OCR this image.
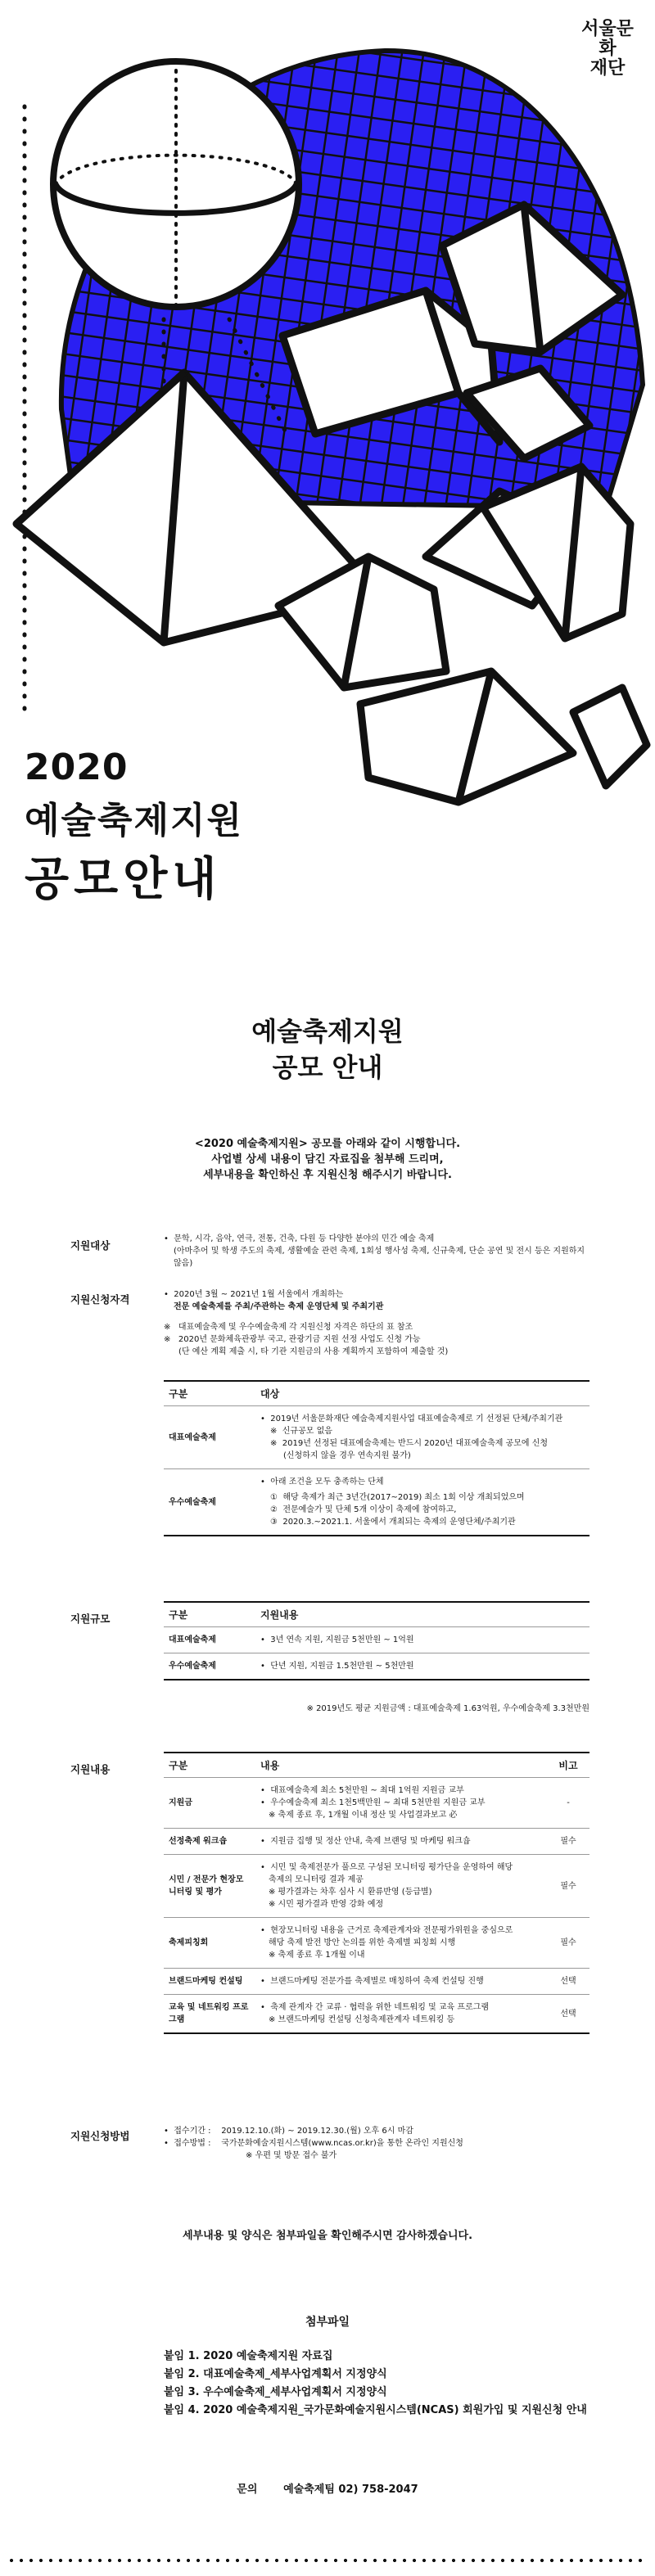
서울문화
재단
2020
예술축제지원
공모안내
예술축제지원
공모 안내
<2020 예술축제지원> 공모를 아래와 같이 시행합니다.
사업별 상세 내용이 담긴 자료집을 첨부해 드리며,
세부내용을 확인하신 후 지원신청 해주시기 바랍니다.
지원대상
•  문학, 시각, 음악, 연극, 전통, 건축, 다원 등 다양한 분야의 민간 예술 축제
(아마추어 및 학생 주도의 축제, 생활예술 관련 축제, 1회성 행사성 축제, 신규축제, 단순 공연 및 전시 등은 지원하지 않음)
지원신청자격	•  2020년 3월 ~ 2021년 1월 서울에서 개최하는
전문 예술축제를 주최/주관하는 축제 운영단체 및 주최기관
※   대표예술축제 및 우수예술축제 각 지원신청 자격은 하단의 표 참조
※   2020년 문화체육관광부 국고, 관광기금 지원 선정 사업도 신청 가능
(단 예산 계획 제출 시, 타 기관 지원금의 사용 계획까지 포함하여 제출할 것)
구분	대상
대표예술축제	•  2019년 서울문화재단 예술축제지원사업 대표예술축제로 기 선정된 단체/주최기관
※  신규공모 없음
※  2019년 선정된 대표예술축제는 반드시 2020년 대표예술축제 공모에 신청
(신청하지 않을 경우 연속지원 불가)

우수예술축제	•  아래 조건을 모두 충족하는 단체
①  해당 축제가 최근 3년간(2017~2019) 최소 1회 이상 개최되었으며
②  전문예술가 및 단체 5개 이상이 축제에 참여하고,
③  2020.3.~2021.1. 서울에서 개최되는 축제의 운영단체/주최기관
지원규모	구분	지원내용
대표예술축제	•  3년 연속 지원, 지원금 5천만원 ~ 1억원
우수예술축제	•  단년 지원, 지원금 1.5천만원 ~ 5천만원
※ 2019년도 평균 지원금액 : 대표예술축제 1.63억원, 우수예술축제 3.3천만원
지원내용	구분	내용	비고
지원금	•  대표예술축제 최소 5천만원 ~ 최대 1억원 지원금 교부
•  우수예술축제 최소 1천5백만원 ~ 최대 5천만원 지원금 교부
※ 축제 종료 후, 1개월 이내 정산 및 사업결과보고 必	-
선정축제 워크숍	•  지원금 집행 및 정산 안내, 축제 브랜딩 및 마케팅 워크숍	필수
시민 / 전문가 현장모니터링 및 평가	•  시민 및 축제전문가 풀으로 구성된 모니터링 평가단을 운영하여 해당
축제의 모니터링 결과 제공
※ 평가결과는 차후 심사 시 환류반영 (등급별)
※ 시민 평가결과 반영 강화 예정	필수
축제피칭회	•  현장모니터링 내용을 근거로 축제관계자와 전문평가위원을 중심으로
해당 축제 발전 방안 논의를 위한 축제별 피칭회 시행
※ 축제 종료 후 1개월 이내	필수
브랜드마케팅 컨설팅	•  브랜드마케팅 전문가를 축제별로 매칭하여 축제 컨설팅 진행	선택
교육 및 네트워킹 프로그램	•  축제 관계자 간 교류 · 협력을 위한 네트워킹 및 교육 프로그램
※ 브랜드마케팅 컨설팅 신청축제관계자 네트워킹 등	선택
지원신청방법	•  접수기간 : 2019.12.10.(화) ~ 2019.12.30.(월) 오후 6시 마감
•  접수방법 : 국가문화예술지원시스템(www.ncas.or.kr)을 통한 온라인 지원신청
※ 우편 및 방문 접수 불가
세부내용 및 양식은 첨부파일을 확인해주시면 감사하겠습니다.
첨부파일
붙임 1. 2020 예술축제지원 자료집
붙임 2. 대표예술축제_세부사업계획서 지정양식
붙임 3. 우수예술축제_세부사업계획서 지정양식
붙임 4. 2020 예술축제지원_국가문화예술지원시스템(NCAS) 회원가입 및 지원신청 안내
문의 예술축제팀 02) 758-2047
